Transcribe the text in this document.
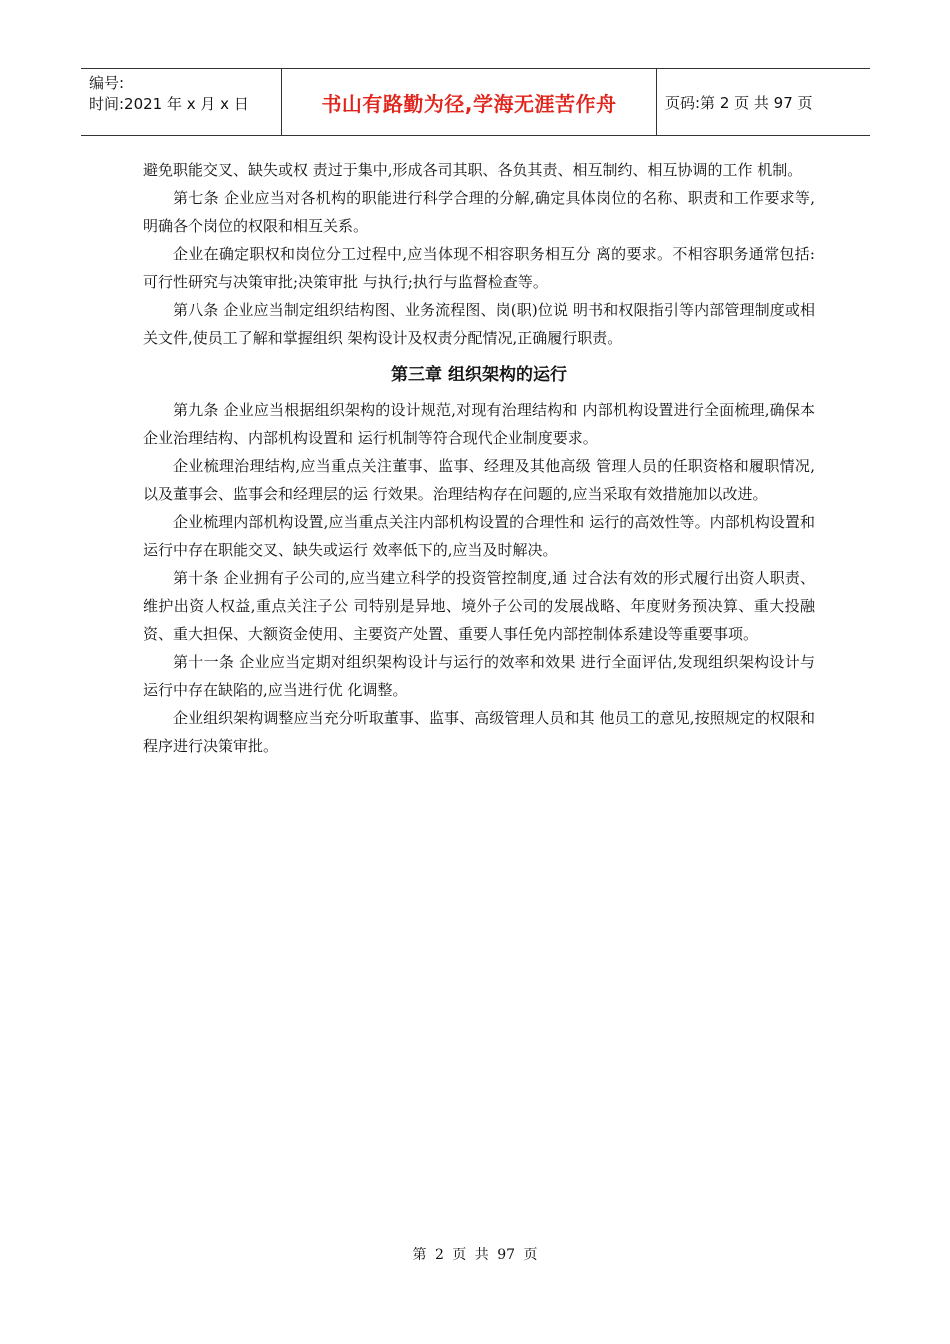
编号:
时间:2021 年 x 月 x 日	书山有路勤为径,学海无涯苦作舟	页码:第 2 页 共 97 页

避免职能交叉、缺失或权 责过于集中,形成各司其职、各负其责、相互制约、相互协调的工作 机制。

第七条 企业应当对各机构的职能进行科学合理的分解,确定具体岗位的名称、职责和工作要求等,明确各个岗位的权限和相互关系。

企业在确定职权和岗位分工过程中,应当体现不相容职务相互分 离的要求。不相容职务通常包括:可行性研究与决策审批;决策审批 与执行;执行与监督检查等。

第八条 企业应当制定组织结构图、业务流程图、岗(职)位说 明书和权限指引等内部管理制度或相关文件,使员工了解和掌握组织 架构设计及权责分配情况,正确履行职责。

第三章 组织架构的运行

第九条 企业应当根据组织架构的设计规范,对现有治理结构和 内部机构设置进行全面梳理,确保本企业治理结构、内部机构设置和 运行机制等符合现代企业制度要求。

企业梳理治理结构,应当重点关注董事、监事、经理及其他高级 管理人员的任职资格和履职情况,以及董事会、监事会和经理层的运 行效果。治理结构存在问题的,应当采取有效措施加以改进。

企业梳理内部机构设置,应当重点关注内部机构设置的合理性和 运行的高效性等。内部机构设置和运行中存在职能交叉、缺失或运行 效率低下的,应当及时解决。

第十条 企业拥有子公司的,应当建立科学的投资管控制度,通 过合法有效的形式履行出资人职责、维护出资人权益,重点关注子公 司特别是异地、境外子公司的发展战略、年度财务预决算、重大投融 资、重大担保、大额资金使用、主要资产处置、重要人事任免内部控制体系建设等重要事项。

第十一条 企业应当定期对组织架构设计与运行的效率和效果 进行全面评估,发现组织架构设计与运行中存在缺陷的,应当进行优 化调整。

企业组织架构调整应当充分听取董事、监事、高级管理人员和其 他员工的意见,按照规定的权限和程序进行决策审批。

第 2 页 共 97 页
